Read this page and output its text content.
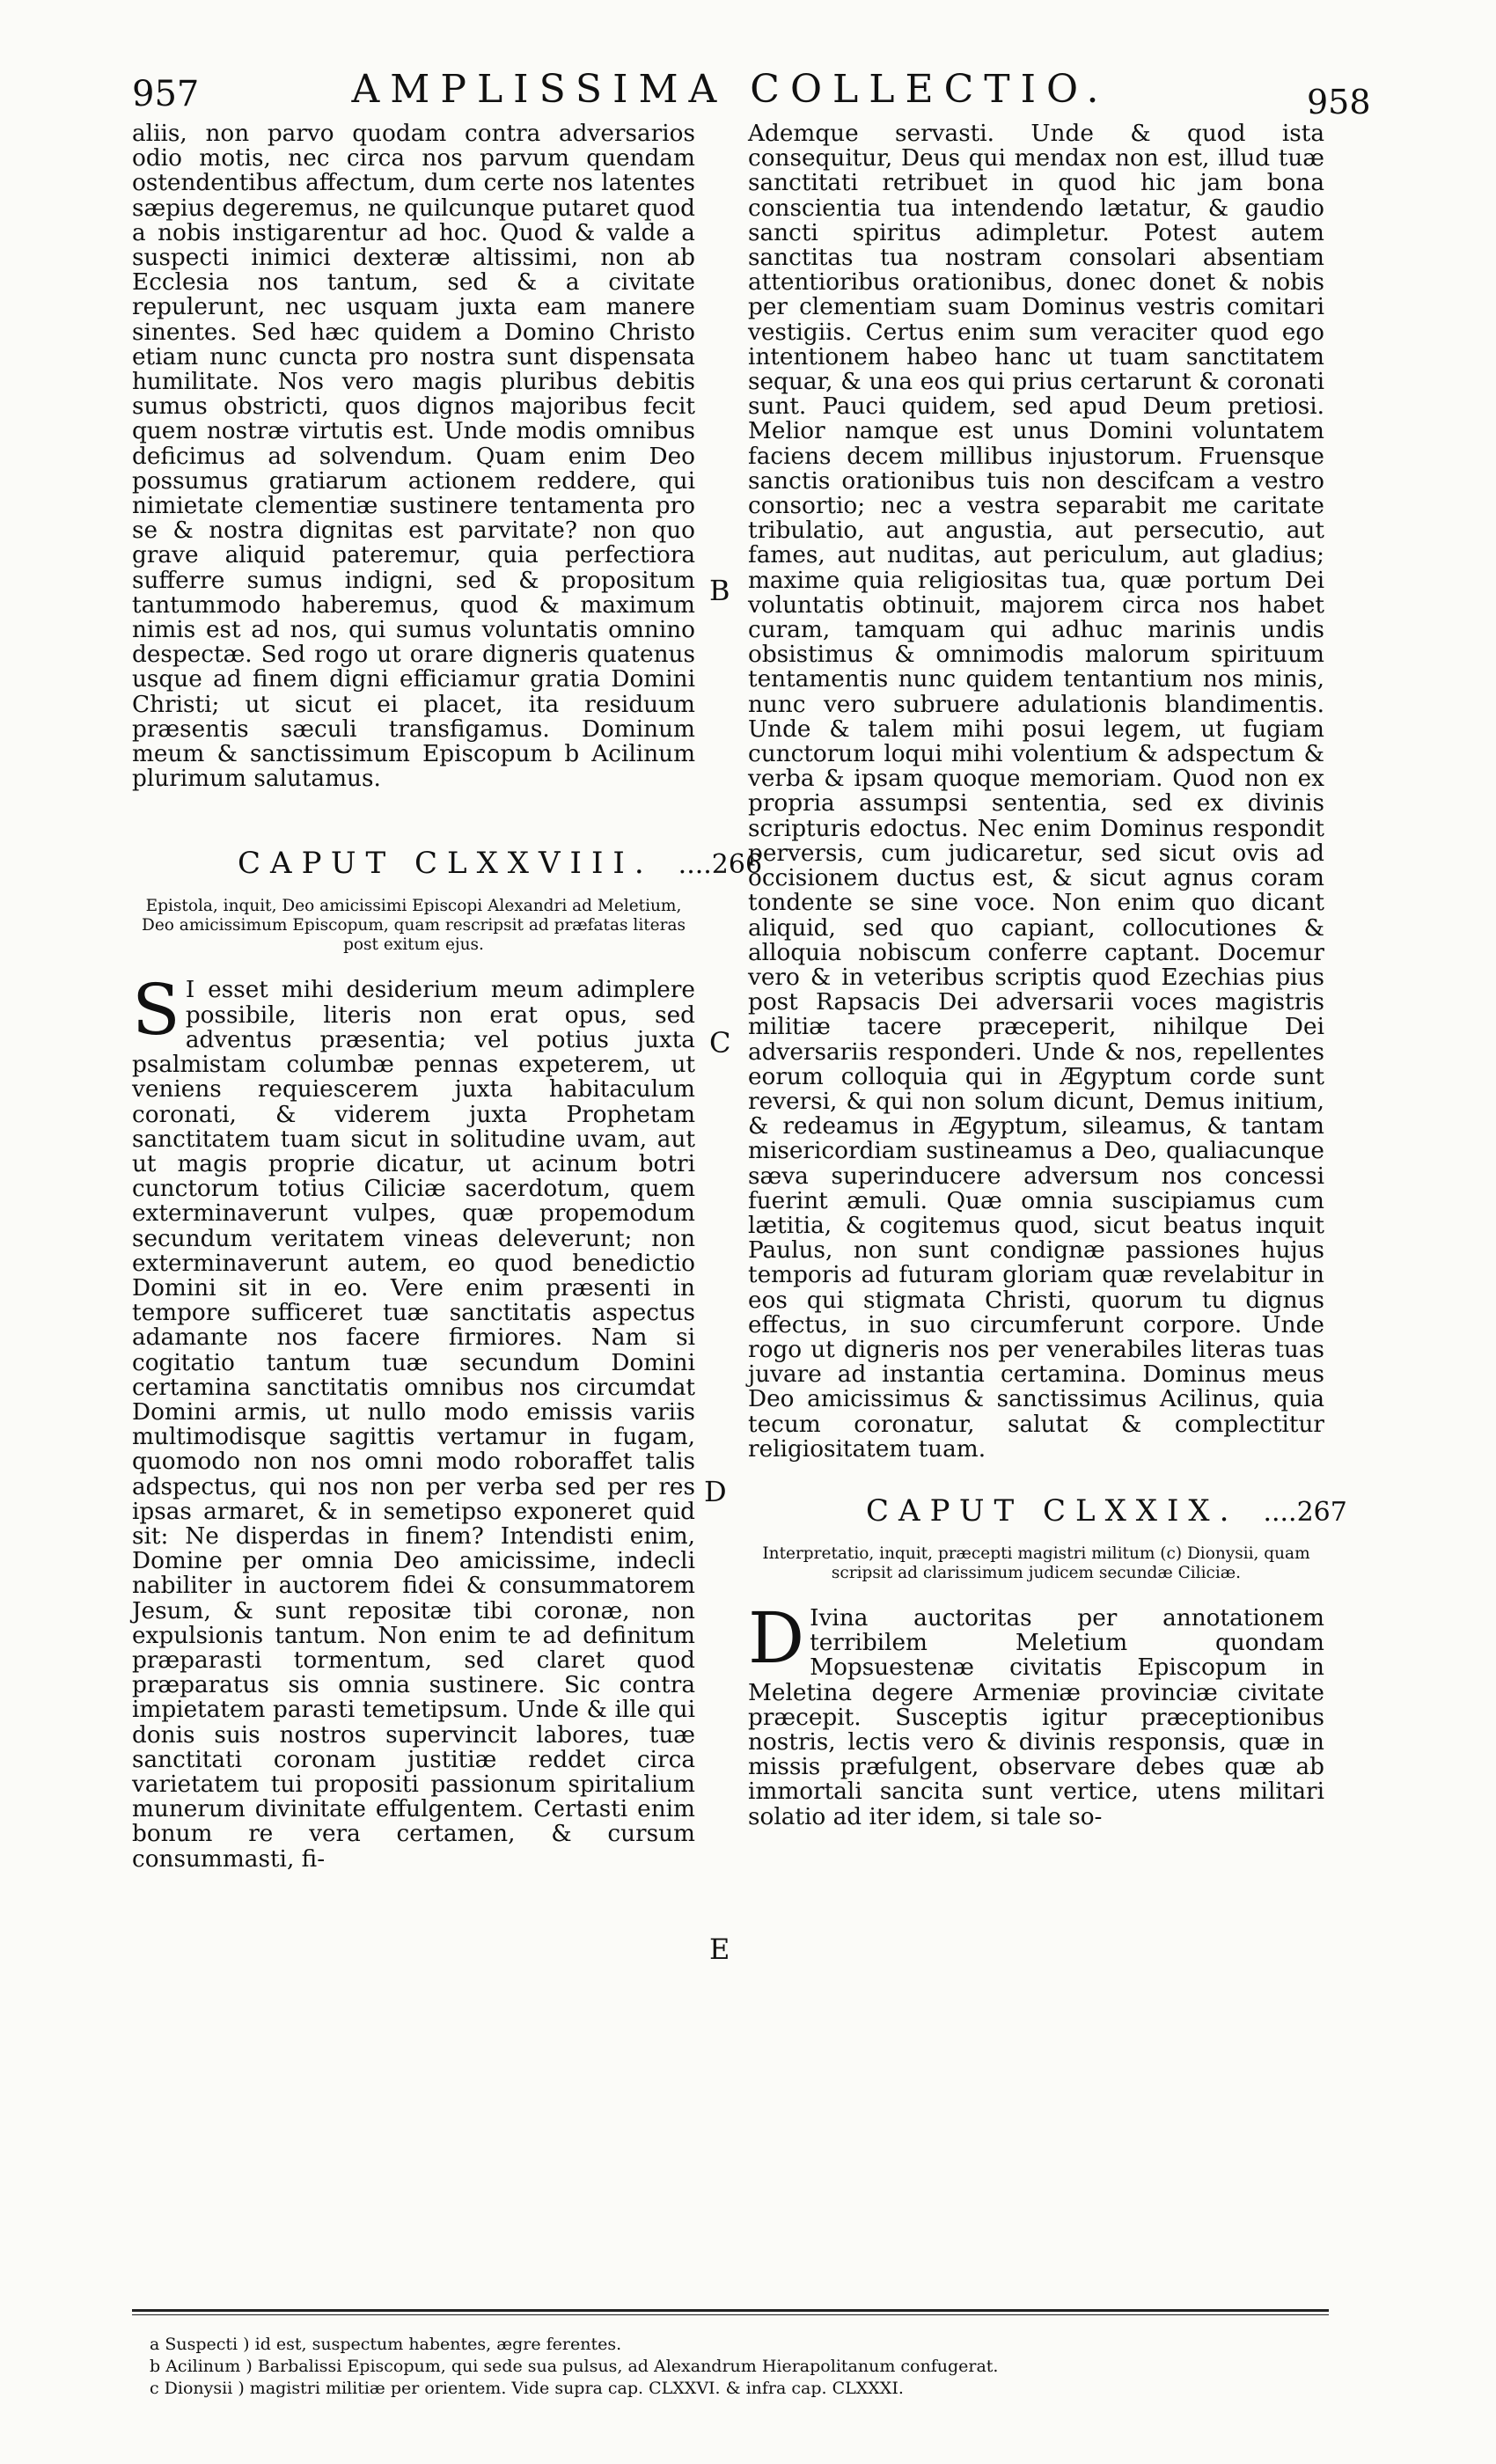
957	AMPLISSIMA COLLECTIO.	958

aliis, non parvo quodam contra adversarios odio motis, nec circa nos parvum quendam ostendentibus affectum, dum certe nos latentes sæpius degeremus, ne quilcunque putaret quod a nobis instigarentur ad hoc. Quod & valde a suspecti inimici dexteræ altissimi, non ab Ecclesia nos tantum, sed & a civitate repulerunt, nec usquam juxta eam manere sinentes. Sed hæc quidem a Domino Christo etiam nunc cuncta pro nostra sunt dispensata humilitate. Nos vero magis pluribus debitis sumus obstricti, quos dignos majoribus fecit quem nostræ virtutis est. Unde modis omnibus deficimus ad solvendum. Quam enim Deo possumus gratiarum actionem reddere, qui nimietate clementiæ sustinere tentamenta pro se & nostra dignitas est parvitate? non quo grave aliquid pateremur, quia perfectiora sufferre sumus indigni, sed & propositum tantummodo haberemus, quod & maximum nimis est ad nos, qui sumus voluntatis omnino despectæ. Sed rogo ut orare digneris quatenus usque ad finem digni efficiamur gratia Domini Christi; ut sicut ei placet, ita residuum præsentis sæculi transfigamus. Dominum meum & sanctissimum Episcopum b Acilinum plurimum salutamus.

CAPUT CLXXVIII. ....266
Epistola, inquit, Deo amicissimi Episcopi Alexandri ad Meletium, Deo amicissimum Episcopum, quam rescripsit ad præfatas literas post exitum ejus.

S I esset mihi desiderium meum adimplere possibile, literis non erat opus, sed adventus præsentia; vel potius juxta psalmistam columbæ pennas expeterem, ut veniens requiescerem juxta habitaculum coronati, & viderem juxta Prophetam sanctitatem tuam sicut in solitudine uvam, aut ut magis proprie dicatur, ut acinum botri cunctorum totius Ciliciæ sacerdotum, quem exterminaverunt vulpes, quæ propemodum secundum veritatem vineas deleverunt; non exterminaverunt autem, eo quod benedictio Domini sit in eo. Vere enim præsenti in tempore sufficeret tuæ sanctitatis aspectus adamante nos facere firmiores. Nam si cogitatio tantum tuæ secundum Domini certamina sanctitatis omnibus nos circumdat Domini armis, ut nullo modo emissis variis multimodisque sagittis vertamur in fugam, quomodo non nos omni modo roboraffet talis adspectus, qui nos non per verba sed per res ipsas armaret, & in semetipso exponeret quid sit: Ne disperdas in finem? Intendisti enim, Domine per omnia Deo amicissime, indecli nabiliter in auctorem fidei & consummatorem Jesum, & sunt repositæ tibi coronæ, non expulsionis tantum. Non enim te ad definitum præparasti tormentum, sed claret quod præparatus sis omnia sustinere. Sic contra impietatem parasti temetipsum. Unde & ille qui donis suis nostros supervincit labores, tuæ sanctitati coronam justitiæ reddet circa varietatem tui propositi passionum spiritalium munerum divinitate effulgentem. Certasti enim bonum re vera certamen, & cursum consummasti, fi-

Ademque servasti. Unde & quod ista consequitur, Deus qui mendax non est, illud tuæ sanctitati retribuet in quod hic jam bona conscientia tua intendendo lætatur, & gaudio sancti spiritus adimpletur. Potest autem sanctitas tua nostram consolari absentiam attentioribus orationibus, donec donet & nobis per clementiam suam Dominus vestris comitari vestigiis. Certus enim sum veraciter quod ego intentionem habeo hanc ut tuam sanctitatem sequar, & una eos qui prius certarunt & coronati sunt. Pauci quidem, sed apud Deum pretiosi. Melior namque est unus Domini voluntatem faciens decem millibus injustorum. Fruensque sanctis orationibus tuis non descifcam a vestro consortio; nec a vestra separabit me caritate tribulatio, aut angustia, aut persecutio, aut fames, aut nuditas, aut periculum, aut gladius; maxime quia religiositas tua, quæ portum Dei voluntatis obtinuit, majorem circa nos habet curam, tamquam qui adhuc marinis undis obsistimus & omnimodis malorum spirituum tentamentis nunc quidem tentantium nos minis, nunc vero subruere adulationis blandimentis. Unde & talem mihi posui legem, ut fugiam cunctorum loqui mihi volentium & adspectum & verba & ipsam quoque memoriam. Quod non ex propria assumpsi sententia, sed ex divinis scripturis edoctus. Nec enim Dominus respondit perversis, cum judicaretur, sed sicut ovis ad occisionem ductus est, & sicut agnus coram tondente se sine voce. Non enim quo dicant aliquid, sed quo capiant, collocutiones & alloquia nobiscum conferre captant. Docemur vero & in veteribus scriptis quod Ezechias pius post Rapsacis Dei adversarii voces magistris militiæ tacere præceperit, nihilque Dei adversariis responderi. Unde & nos, repellentes eorum colloquia qui in Ægyptum corde sunt reversi, & qui non solum dicunt, Demus initium, & redeamus in Ægyptum, sileamus, & tantam misericordiam sustineamus a Deo, qualiacunque sæva superinducere adversum nos concessi fuerint æmuli. Quæ omnia suscipiamus cum lætitia, & cogitemus quod, sicut beatus inquit Paulus, non sunt condignæ passiones hujus temporis ad futuram gloriam quæ revelabitur in eos qui stigmata Christi, quorum tu dignus effectus, in suo circumferunt corpore. Unde rogo ut digneris nos per venerabiles literas tuas juvare ad instantia certamina. Dominus meus Deo amicissimus & sanctissimus Acilinus, quia tecum coronatur, salutat & complectitur religiositatem tuam.

CAPUT CLXXIX. ....267
Interpretatio, inquit, præcepti magistri militum (c) Dionysii, quam scripsit ad clarissimum judicem secundæ Ciliciæ.

D Ivina auctoritas per annotationem terribilem Meletium quondam Mopsuestenæ civitatis Episcopum in Meletina degere Armeniæ provinciæ civitate præcepit. Susceptis igitur præceptionibus nostris, lectis vero & divinis responsis, quæ in missis præfulgent, observare debes quæ ab immortali sancita sunt vertice, utens militari solatio ad iter idem, si tale so-

B
C
D
E
a Suspecti ) id est, suspectum habentes, ægre ferentes.
b Acilinum ) Barbalissi Episcopum, qui sede sua pulsus, ad Alexandrum Hierapolitanum confugerat.
c Dionysii ) magistri militiæ per orientem. Vide supra cap. CLXXVI. & infra cap. CLXXXI.
